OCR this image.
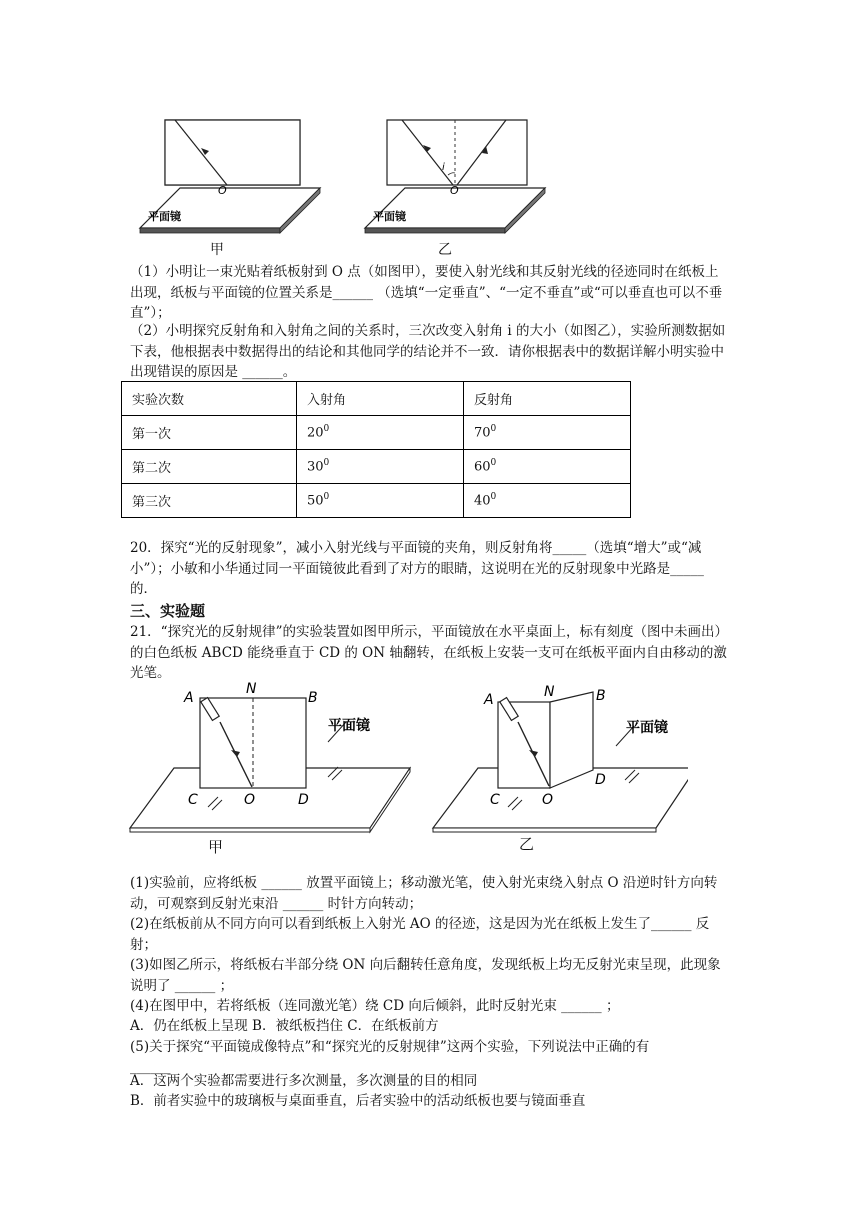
O
平面镜
i
O
平面镜
甲	乙
（1）小明让一束光贴着纸板射到 O 点（如图甲），要使入射光线和其反射光线的径迹同时在纸板上出现，纸板与平面镜的位置关系是______ （选填“一定垂直”、“一定不垂直”或“可以垂直也可以不垂直”）；
（2）小明探究反射角和入射角之间的关系时，三次改变入射角 i 的大小（如图乙），实验所测数据如下表，他根据表中数据得出的结论和其他同学的结论并不一致．请你根据表中的数据详解小明实验中出现错误的原因是 ______。
实验次数	入射角	反射角
第一次	$20^0$	$70^0$
第二次	$30^0$	$60^0$
第三次	$50^0$	$40^0$
20．探究“光的反射现象”，减小入射光线与平面镜的夹角，则反射角将_____（选填“增大”或“减小”）；小敏和小华通过同一平面镜彼此看到了对方的眼睛，这说明在光的反射现象中光路是_____的．
三、实验题
21．“探究光的反射规律”的实验装置如图甲所示，平面镜放在水平桌面上，标有刻度（图中未画出）的白色纸板 ABCD 能绕垂直于 CD 的 ON 轴翻转，在纸板上安装一支可在纸板平面内自由移动的激光笔。
A
N
B
C	O	D
平面镜
A	N	B
C	O
D
平面镜
甲	乙
(1)实验前，应将纸板 ______ 放置平面镜上；移动激光笔，使入射光束绕入射点 O 沿逆时针方向转动，可观察到反射光束沿 ______ 时针方向转动；
(2)在纸板前从不同方向可以看到纸板上入射光 AO 的径迹，这是因为光在纸板上发生了______ 反射；
(3)如图乙所示，将纸板右半部分绕 ON 向后翻转任意角度，发现纸板上均无反射光束呈现，此现象说明了 ______ ；
(4)在图甲中，若将纸板（连同激光笔）绕 CD 向后倾斜，此时反射光束 ______ ；
A．仍在纸板上呈现 B．被纸板挡住 C．在纸板前方
(5)关于探究“平面镜成像特点”和“探究光的反射规律”这两个实验，下列说法中正确的有
______
A．这两个实验都需要进行多次测量，多次测量的目的相同
B．前者实验中的玻璃板与桌面垂直，后者实验中的活动纸板也要与镜面垂直
